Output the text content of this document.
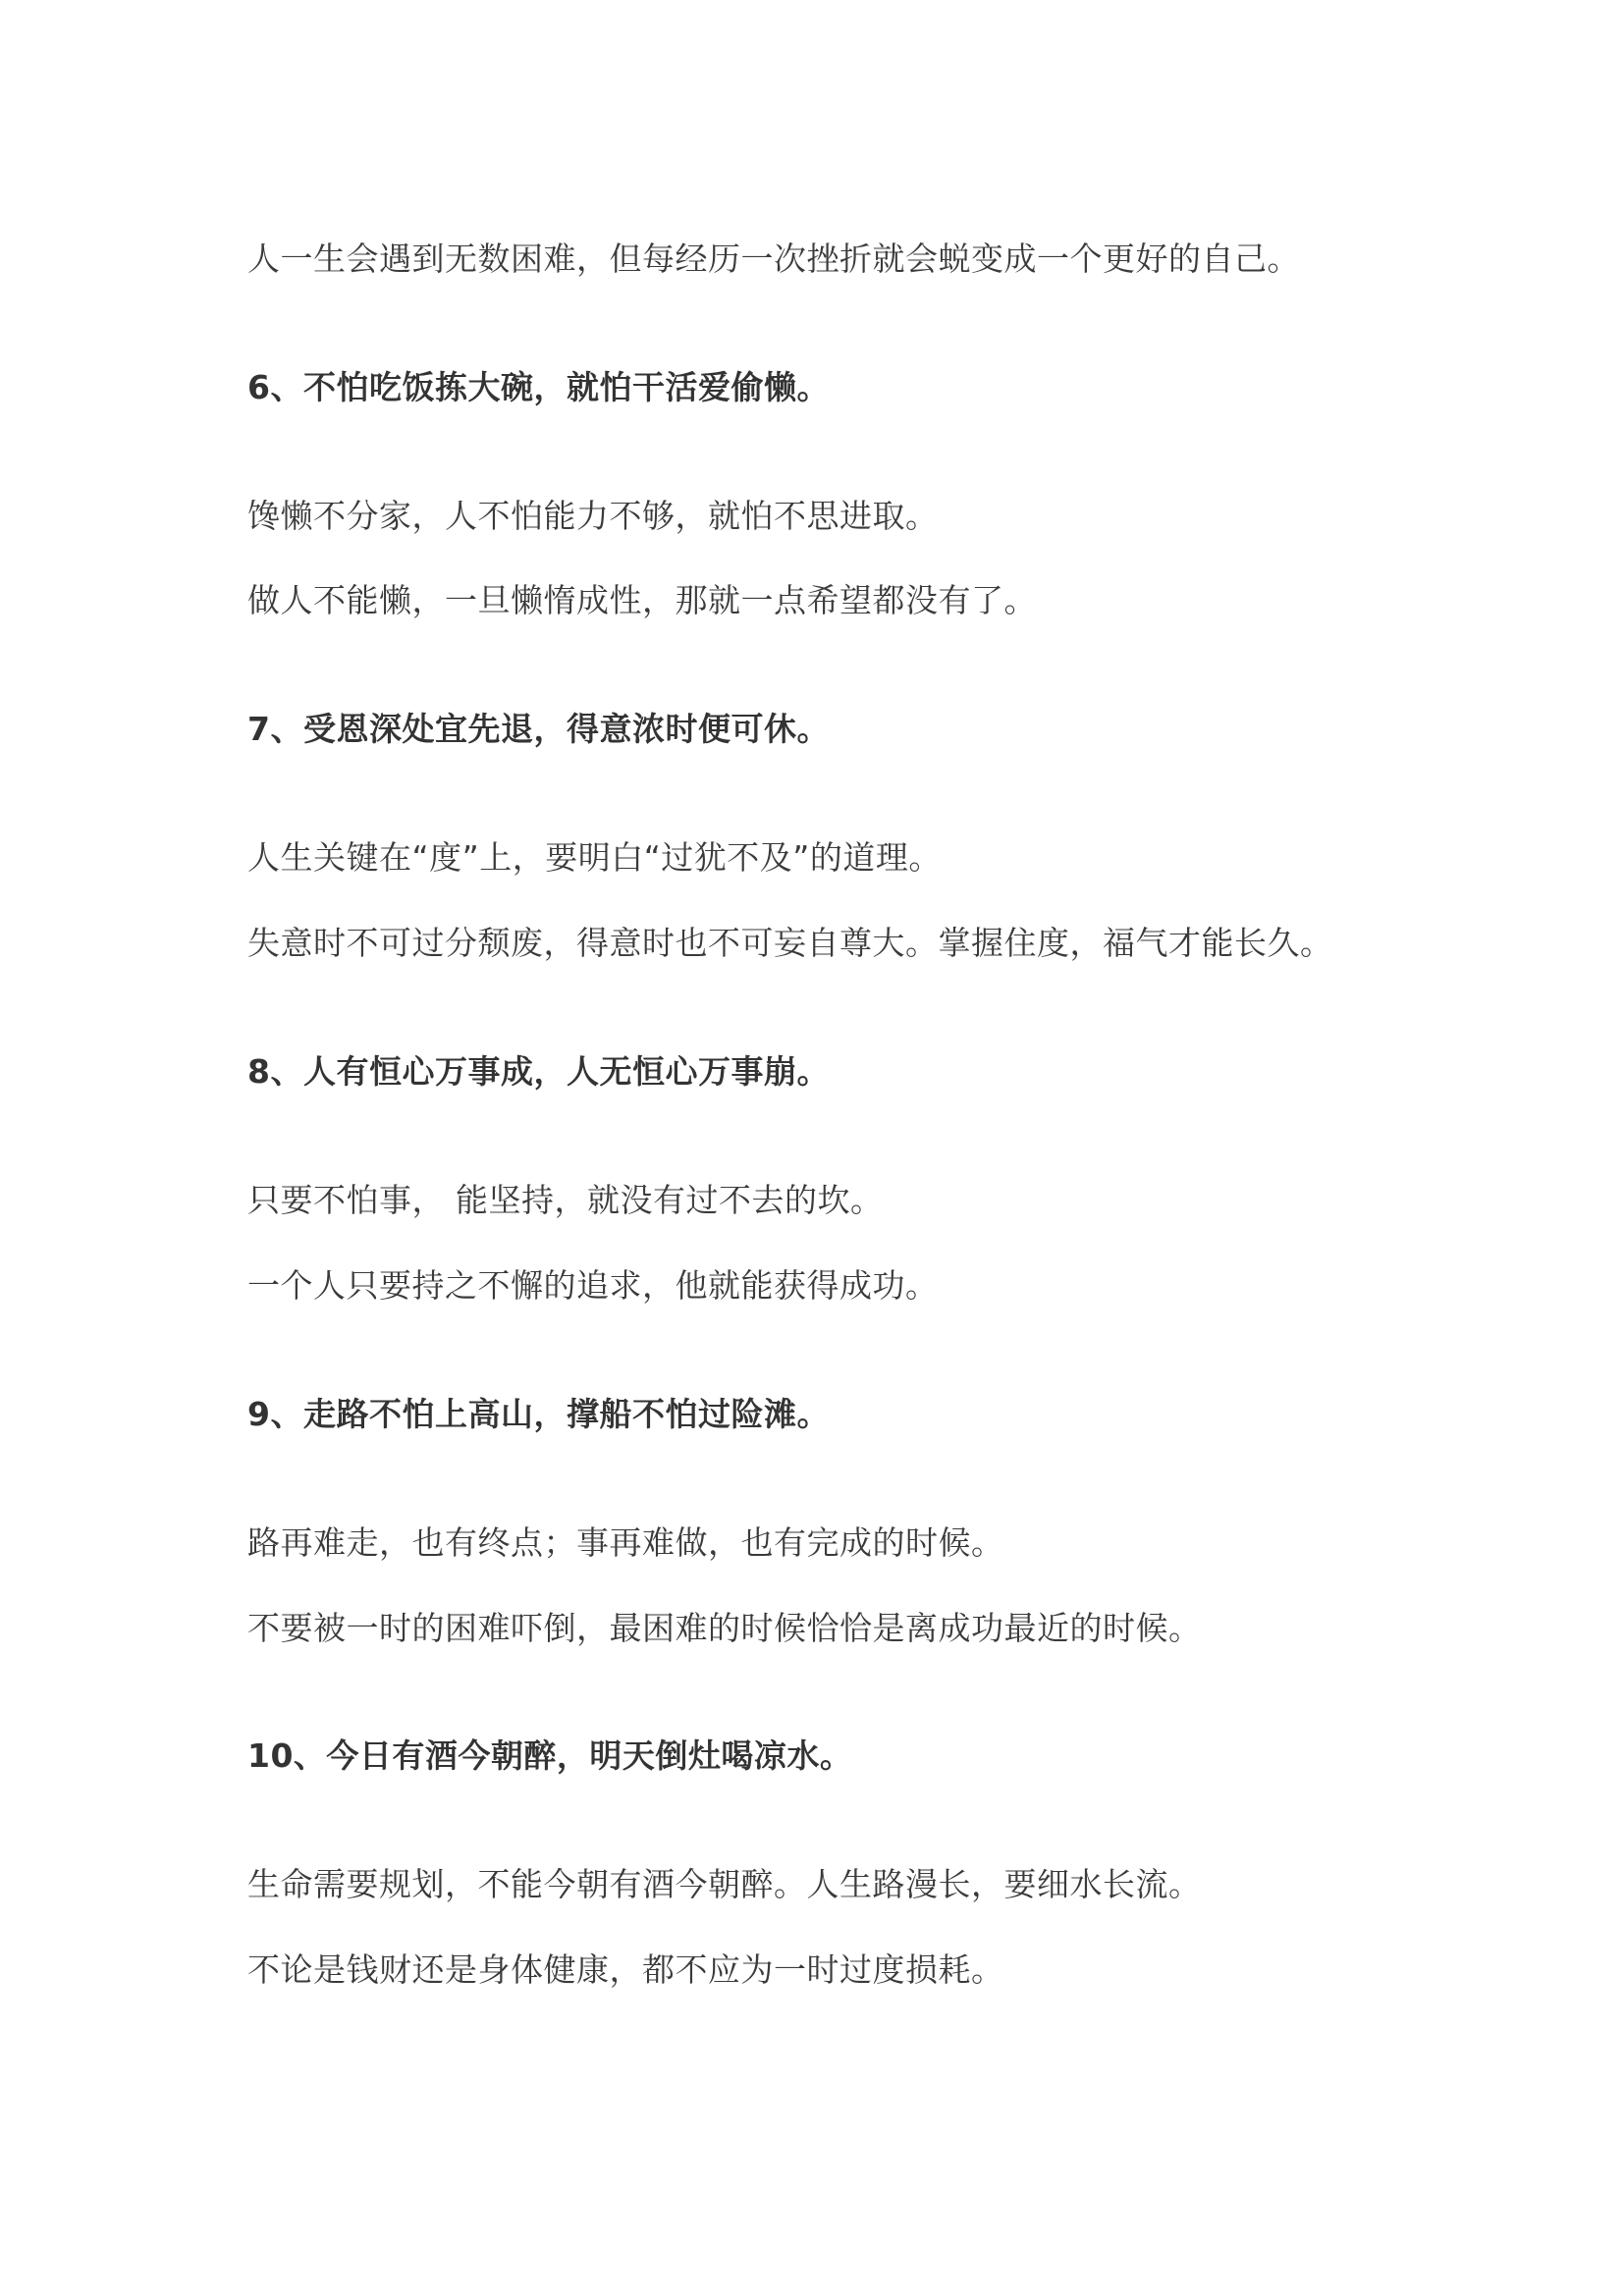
人一生会遇到无数困难，但每经历一次挫折就会蜕变成一个更好的自己。
6、不怕吃饭拣大碗，就怕干活爱偷懒。
馋懒不分家，人不怕能力不够，就怕不思进取。
做人不能懒，一旦懒惰成性，那就一点希望都没有了。
7、受恩深处宜先退，得意浓时便可休。
人生关键在“度”上，要明白“过犹不及”的道理。
失意时不可过分颓废，得意时也不可妄自尊大。掌握住度，福气才能长久。
8、人有恒心万事成，人无恒心万事崩。
只要不怕事， 能坚持，就没有过不去的坎。
一个人只要持之不懈的追求，他就能获得成功。
9、走路不怕上高山，撑船不怕过险滩。
路再难走，也有终点；事再难做，也有完成的时候。
不要被一时的困难吓倒，最困难的时候恰恰是离成功最近的时候。
10、今日有酒今朝醉，明天倒灶喝凉水。
生命需要规划，不能今朝有酒今朝醉。人生路漫长，要细水长流。
不论是钱财还是身体健康，都不应为一时过度损耗。
